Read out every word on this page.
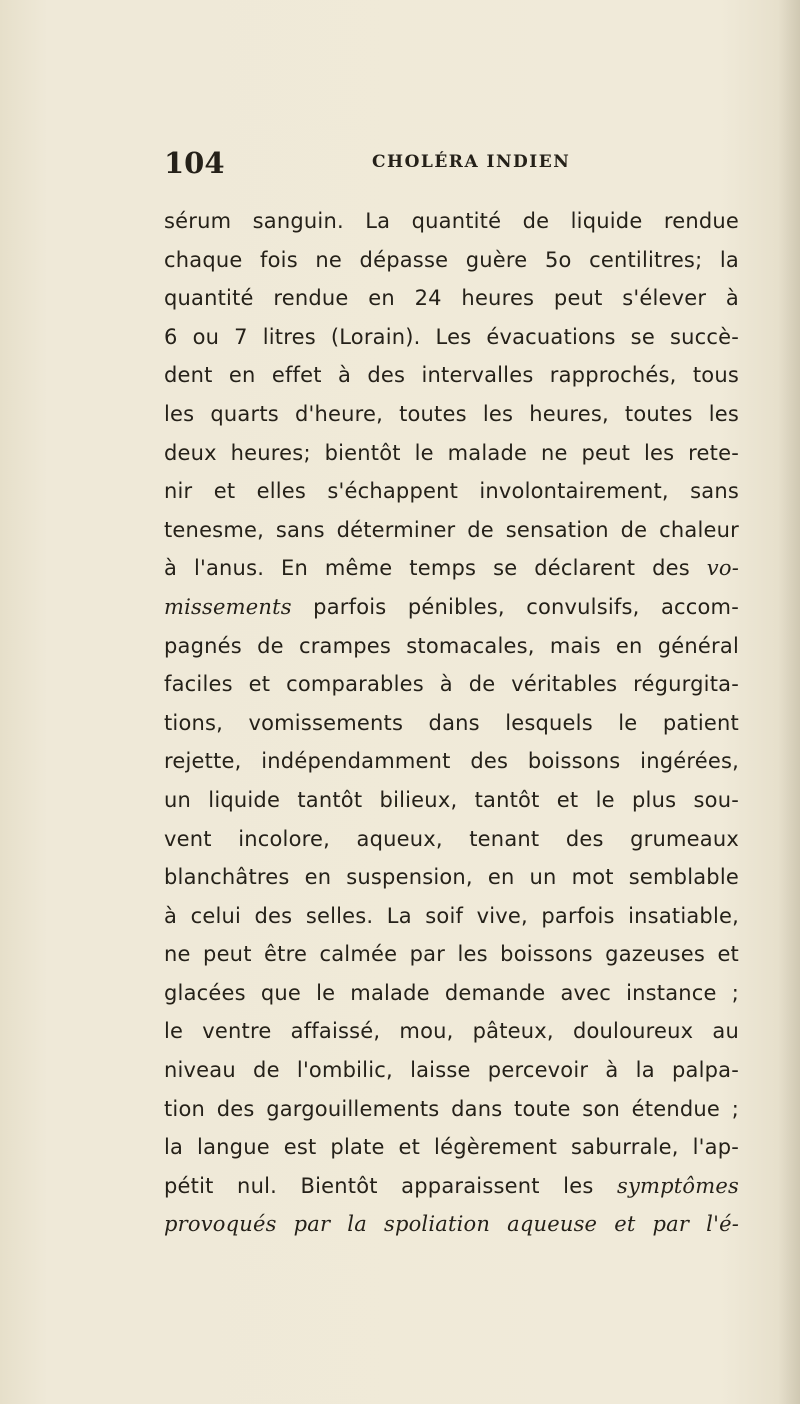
104	CHOLÉRA INDIEN
sérum sanguin. La quantité de liquide rendue
chaque fois ne dépasse guère 5o centilitres; la
quantité rendue en 24 heures peut s'élever à
6 ou 7 litres (Lorain). Les évacuations se succè-
dent en effet à des intervalles rapprochés, tous
les quarts d'heure, toutes les heures, toutes les
deux heures; bientôt le malade ne peut les rete-
nir et elles s'échappent involontairement, sans
tenesme, sans déterminer de sensation de chaleur
à l'anus. En même temps se déclarent des vo-
missements parfois pénibles, convulsifs, accom-
pagnés de crampes stomacales, mais en général
faciles et comparables à de véritables régurgita-
tions, vomissements dans lesquels le patient
rejette, indépendamment des boissons ingérées,
un liquide tantôt bilieux, tantôt et le plus sou-
vent incolore, aqueux, tenant des grumeaux
blanchâtres en suspension, en un mot semblable
à celui des selles. La soif vive, parfois insatiable,
ne peut être calmée par les boissons gazeuses et
glacées que le malade demande avec instance ;
le ventre affaissé, mou, pâteux, douloureux au
niveau de l'ombilic, laisse percevoir à la palpa-
tion des gargouillements dans toute son étendue ;
la langue est plate et légèrement saburrale, l'ap-
pétit nul. Bientôt apparaissent les symptômes
provoqués par la spoliation aqueuse et par l'é-
